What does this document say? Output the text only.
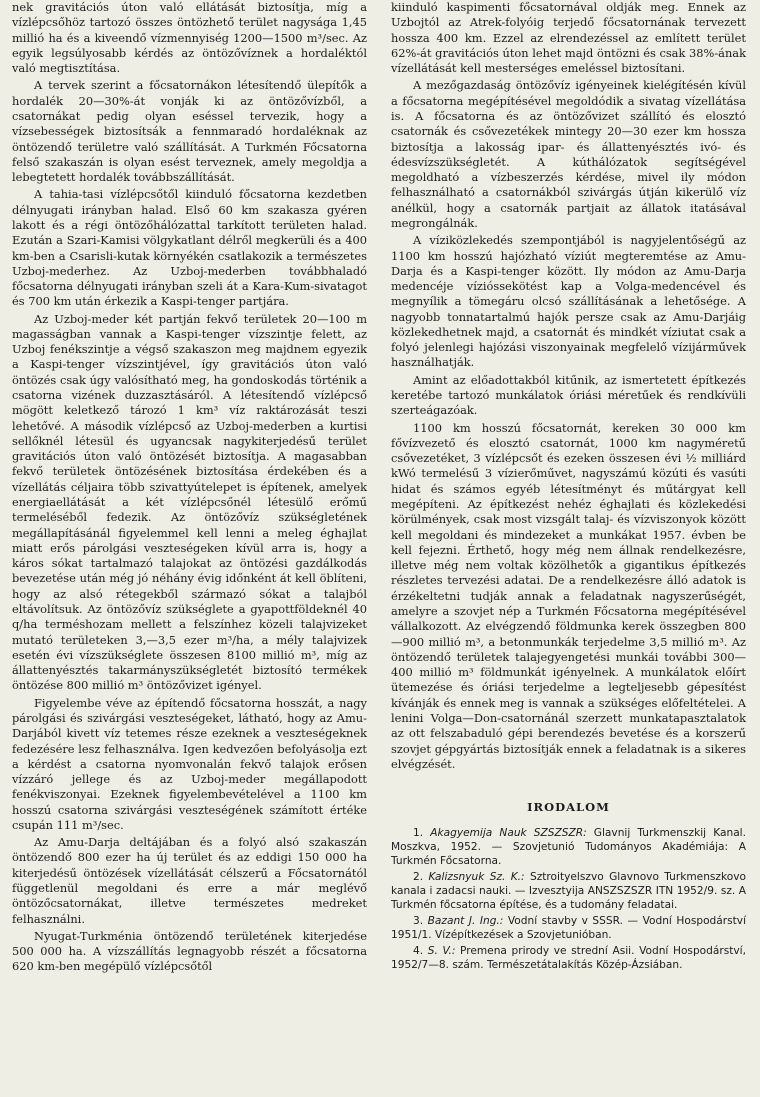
nek gravitációs úton való ellátását biztosítja, míg a vízlépcsőhöz tartozó összes öntözhető terület nagysága 1,45 millió ha és a kiveendő vízmennyiség 1200—1500 m³/sec. Az egyik legsúlyosabb kérdés az öntözővíznek a hordaléktól való megtisztítása.

A tervek szerint a főcsatornákon létesítendő ülepítők a hordalék 20—30%-át vonják ki az öntözővízből, a csatornákat pedig olyan eséssel tervezik, hogy a vízsebességek biztosítsák a fennmaradó hordaléknak az öntözendő területre való szállítását. A Turkmén Főcsatorna felső szakaszán is olyan esést terveznek, amely megoldja a lebegtetett hordalék továbbszállítását.

A tahia-tasi vízlépcsőtől kiinduló főcsatorna kezdetben délnyugati irányban halad. Első 60 km szakasza gyéren lakott és a régi öntözőhálózattal tarkított területen halad. Ezután a Szari-Kamisi völgykatlant délről megkerüli és a 400 km-ben a Csarisli-kutak környékén csatlakozik a természetes Uzboj-mederhez. Az Uzboj-mederben továbbhaladó főcsatorna délnyugati irányban szeli át a Kara-Kum-sivatagot és 700 km után érkezik a Kaspi-tenger partjára.

Az Uzboj-meder két partján fekvő területek 20—100 m magasságban vannak a Kaspi-tenger vízszintje felett, az Uzboj fenékszintje a végső szakaszon meg majdnem egyezik a Kaspi-tenger vízszintjével, így gravitációs úton való öntözés csak úgy valósítható meg, ha gondoskodás történik a csatorna vizének duzzasztásáról. A létesítendő vízlépcső mögött keletkező tározó 1 km³ víz raktározását teszi lehetővé. A második vízlépcső az Uzboj-mederben a kurtisi sellőknél létesül és ugyancsak nagykiterjedésű terület gravitációs úton való öntözését biztosítja. A magasabban fekvő területek öntözésének biztosítása érdekében és a vízellátás céljaira több szivattyútelepet is építenek, amelyek energiaellátását a két vízlépcsőnél létesülő erőmű termeléséből fedezik. Az öntözővíz szükségletének megállapításánál figyelemmel kell lenni a meleg éghajlat miatt erős párolgási veszteségeken kívül arra is, hogy a káros sókat tartalmazó talajokat az öntözési gazdálkodás bevezetése után még jó néhány évig időnként át kell öblíteni, hogy az alsó rétegekből származó sókat a talajból eltávolítsuk. Az öntözővíz szükséglete a gyapottföldeknél 40 q/ha terméshozam mellett a felszínhez közeli talajvizeket mutató területeken 3,—3,5 ezer m³/ha, a mély talajvizek esetén évi vízszükséglete összesen 8100 millió m³, míg az állattenyésztés takarmányszükségletét biztosító termékek öntözése 800 millió m³ öntözővizet igényel.

Figyelembe véve az építendő főcsatorna hosszát, a nagy párolgási és szivárgási veszteségeket, látható, hogy az Amu-Darjából kivett víz tetemes része ezeknek a veszteségeknek fedezésére lesz felhasználva. Igen kedvezően befolyásolja ezt a kérdést a csatorna nyomvonalán fekvő talajok erősen vízzáró jellege és az Uzboj-meder megállapodott fenékviszonyai. Ezeknek figyelembevételével a 1100 km hosszú csatorna szivárgási veszteségének számított értéke csupán 111 m³/sec.

Az Amu-Darja deltájában és a folyó alsó szakaszán öntözendő 800 ezer ha új terület és az eddigi 150 000 ha kiterjedésű öntözések vízellátását célszerű a Főcsatornától függetlenül megoldani és erre a már meglévő öntözőcsatornákat, illetve természetes medreket felhasználni.

Nyugat-Turkménia öntözendő területének kiterjedése 500 000 ha. A vízszállítás legnagyobb részét a főcsatorna 620 km-ben megépülő vízlépcsőtől

kiinduló kaspimenti főcsatornával oldják meg. Ennek az Uzbojtól az Atrek-folyóig terjedő főcsatornának tervezett hossza 400 km. Ezzel az elrendezéssel az említett terület 62%-át gravitációs úton lehet majd öntözni és csak 38%-ának vízellátását kell mesterséges emeléssel biztosítani.

A mezőgazdaság öntözővíz igényeinek kielégítésén kívül a főcsatorna megépítésével megoldódik a sivatag vízellátása is. A főcsatorna és az öntözővizet szállító és elosztó csatornák és csővezetékek mintegy 20—30 ezer km hossza biztosítja a lakosság ipar- és állattenyésztés ivó- és édesvízszükségletét. A kúthálózatok segítségével megoldható a vízbeszerzés kérdése, mivel ily módon felhasználható a csatornákból szivárgás útján kikerülő víz anélkül, hogy a csatornák partjait az állatok itatásával megrongálnák.

A víziközlekedés szempontjából is nagyjelentőségű az 1100 km hosszú hajózható víziút megteremtése az Amu-Darja és a Kaspi-tenger között. Ily módon az Amu-Darja medencéje vízióssekötést kap a Volga-medencével és megnyílik a tömegáru olcsó szállításának a lehetősége. A nagyobb tonnatartalmú hajók persze csak az Amu-Darjáig közlekedhetnek majd, a csatornát és mindkét víziutat csak a folyó jelenlegi hajózási viszonyainak megfelelő vízijárművek használhatják.

Amint az előadottakból kitűnik, az ismertetett építkezés keretébe tartozó munkálatok óriási méretűek és rendkívüli szerteágazóak.

1100 km hosszú főcsatornát, kereken 30 000 km fővízvezető és elosztó csatornát, 1000 km nagyméretű csővezetéket, 3 vízlépcsőt és ezeken összesen évi ½ milliárd kWó termelésű 3 vízierőművet, nagyszámú közúti és vasúti hidat és számos egyéb létesítményt és műtárgyat kell megépíteni. Az építkezést nehéz éghajlati és közlekedési körülmények, csak most vizsgált talaj- és vízviszonyok között kell megoldani és mindezeket a munkákat 1957. évben be kell fejezni. Érthető, hogy még nem állnak rendelkezésre, illetve még nem voltak közölhetők a gigantikus építkezés részletes tervezési adatai. De a rendelkezésre álló adatok is érzékeltetni tudják annak a feladatnak nagyszerűségét, amelyre a szovjet nép a Turkmén Főcsatorna megépítésével vállalkozott. Az elvégzendő földmunka kerek összegben 800—900 millió m³, a betonmunkák terjedelme 3,5 millió m³. Az öntözendő területek talajegyengetési munkái további 300—400 millió m³ földmunkát igényelnek. A munkálatok előírt ütemezése és óriási terjedelme a legteljesebb gépesítést kívánják és ennek meg is vannak a szükséges előfeltételei. A lenini Volga—Don-csatornánál szerzett munkatapasztalatok az ott felszabaduló gépi berendezés bevetése és a korszerű szovjet gépgyártás biztosítják ennek a feladatnak is a sikeres elvégzését.

IRODALOM
1. Akagyemija Nauk SZSZSZR: Glavnij Turkmenszkij Kanal. Moszkva, 1952. — Szovjetunió Tudományos Akadémiája: A Turkmén Főcsatorna.
2. Kalizsnyuk Sz. K.: Sztroityelszvo Glavnovo Turkmenszkovo kanala i zadacsi nauki. — Izvesztyija ANSZSZSZR ITN 1952/9. sz. A Turkmén főcsatorna építése, és a tudomány feladatai.
3. Bazant J. Ing.: Vodní stavby v SSSR. — Vodní Hospodárství 1951/1. Vízépítkezések a Szovjetunióban.
4. S. V.: Premena prirody ve strední Asii. Vodní Hospodárství, 1952/7—8. szám. Természetátalakítás Közép-Ázsiában.
